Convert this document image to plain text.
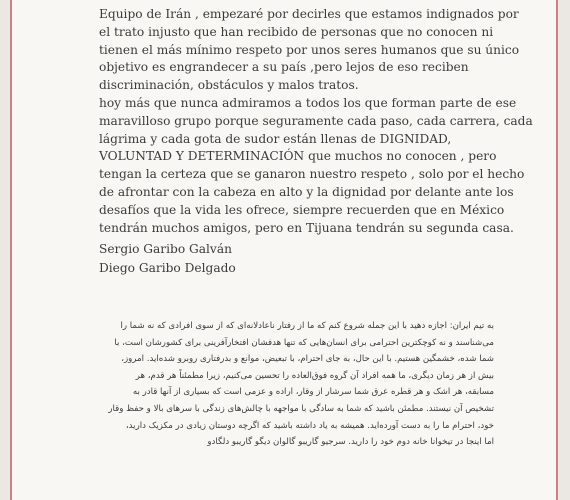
Equipo de Irán , empezaré por decirles que estamos indignados por

el trato injusto que han recibido de personas que no conocen ni

tienen el más mínimo respeto por unos seres humanos que su único

objetivo es engrandecer a su país ,pero lejos de eso reciben

discriminación, obstáculos y malos tratos.

hoy más que nunca admiramos a todos los que forman parte de ese

maravilloso grupo porque seguramente cada paso, cada carrera, cada

lágrima y cada gota de sudor están llenas de DIGNIDAD,

VOLUNTAD Y DETERMINACIÓN que muchos no conocen , pero

tengan la certeza que se ganaron nuestro respeto , solo por el hecho

de afrontar con la cabeza en alto y la dignidad por delante ante los

desafíos que la vida les ofrece, siempre recuerden que en México

tendrán muchos amigos, pero en Tijuana tendrán su segunda casa.

Sergio Garibo Galván

Diego Garibo Delgado

به تیم ایران: اجازه دهید با این جمله شروع کنم که ما از رفتار ناعادلانه‌ای که از سوی افرادی که نه شما را

می‌شناسند و نه کوچکترین احترامی برای انسان‌هایی که تنها هدفشان افتخارآفرینی برای کشورشان است، با

شما شده، خشمگین هستیم. با این حال، به جای احترام، با تبعیض، موانع و بدرفتاری روبرو شده‌اید. امروز،

بیش از هر زمان دیگری، ما همه افراد آن گروه فوق‌العاده را تحسین می‌کنیم، زیرا مطمئناً هر قدم، هر

مسابقه، هر اشک و هر قطره عرق شما سرشار از وقار، اراده و عزمی است که بسیاری از آنها قادر به

تشخیص آن نیستند. مطمئن باشید که شما به سادگی با مواجهه با چالش‌های زندگی با سرهای بالا و حفظ وقار

خود، احترام ما را به دست آورده‌اید. همیشه به یاد داشته باشید که اگرچه دوستان زیادی در مکزیک دارید،

اما اینجا در تیخوانا خانه دوم خود را دارید. سرجیو گاریبو گالوان دیگو گاریبو دلگادو
